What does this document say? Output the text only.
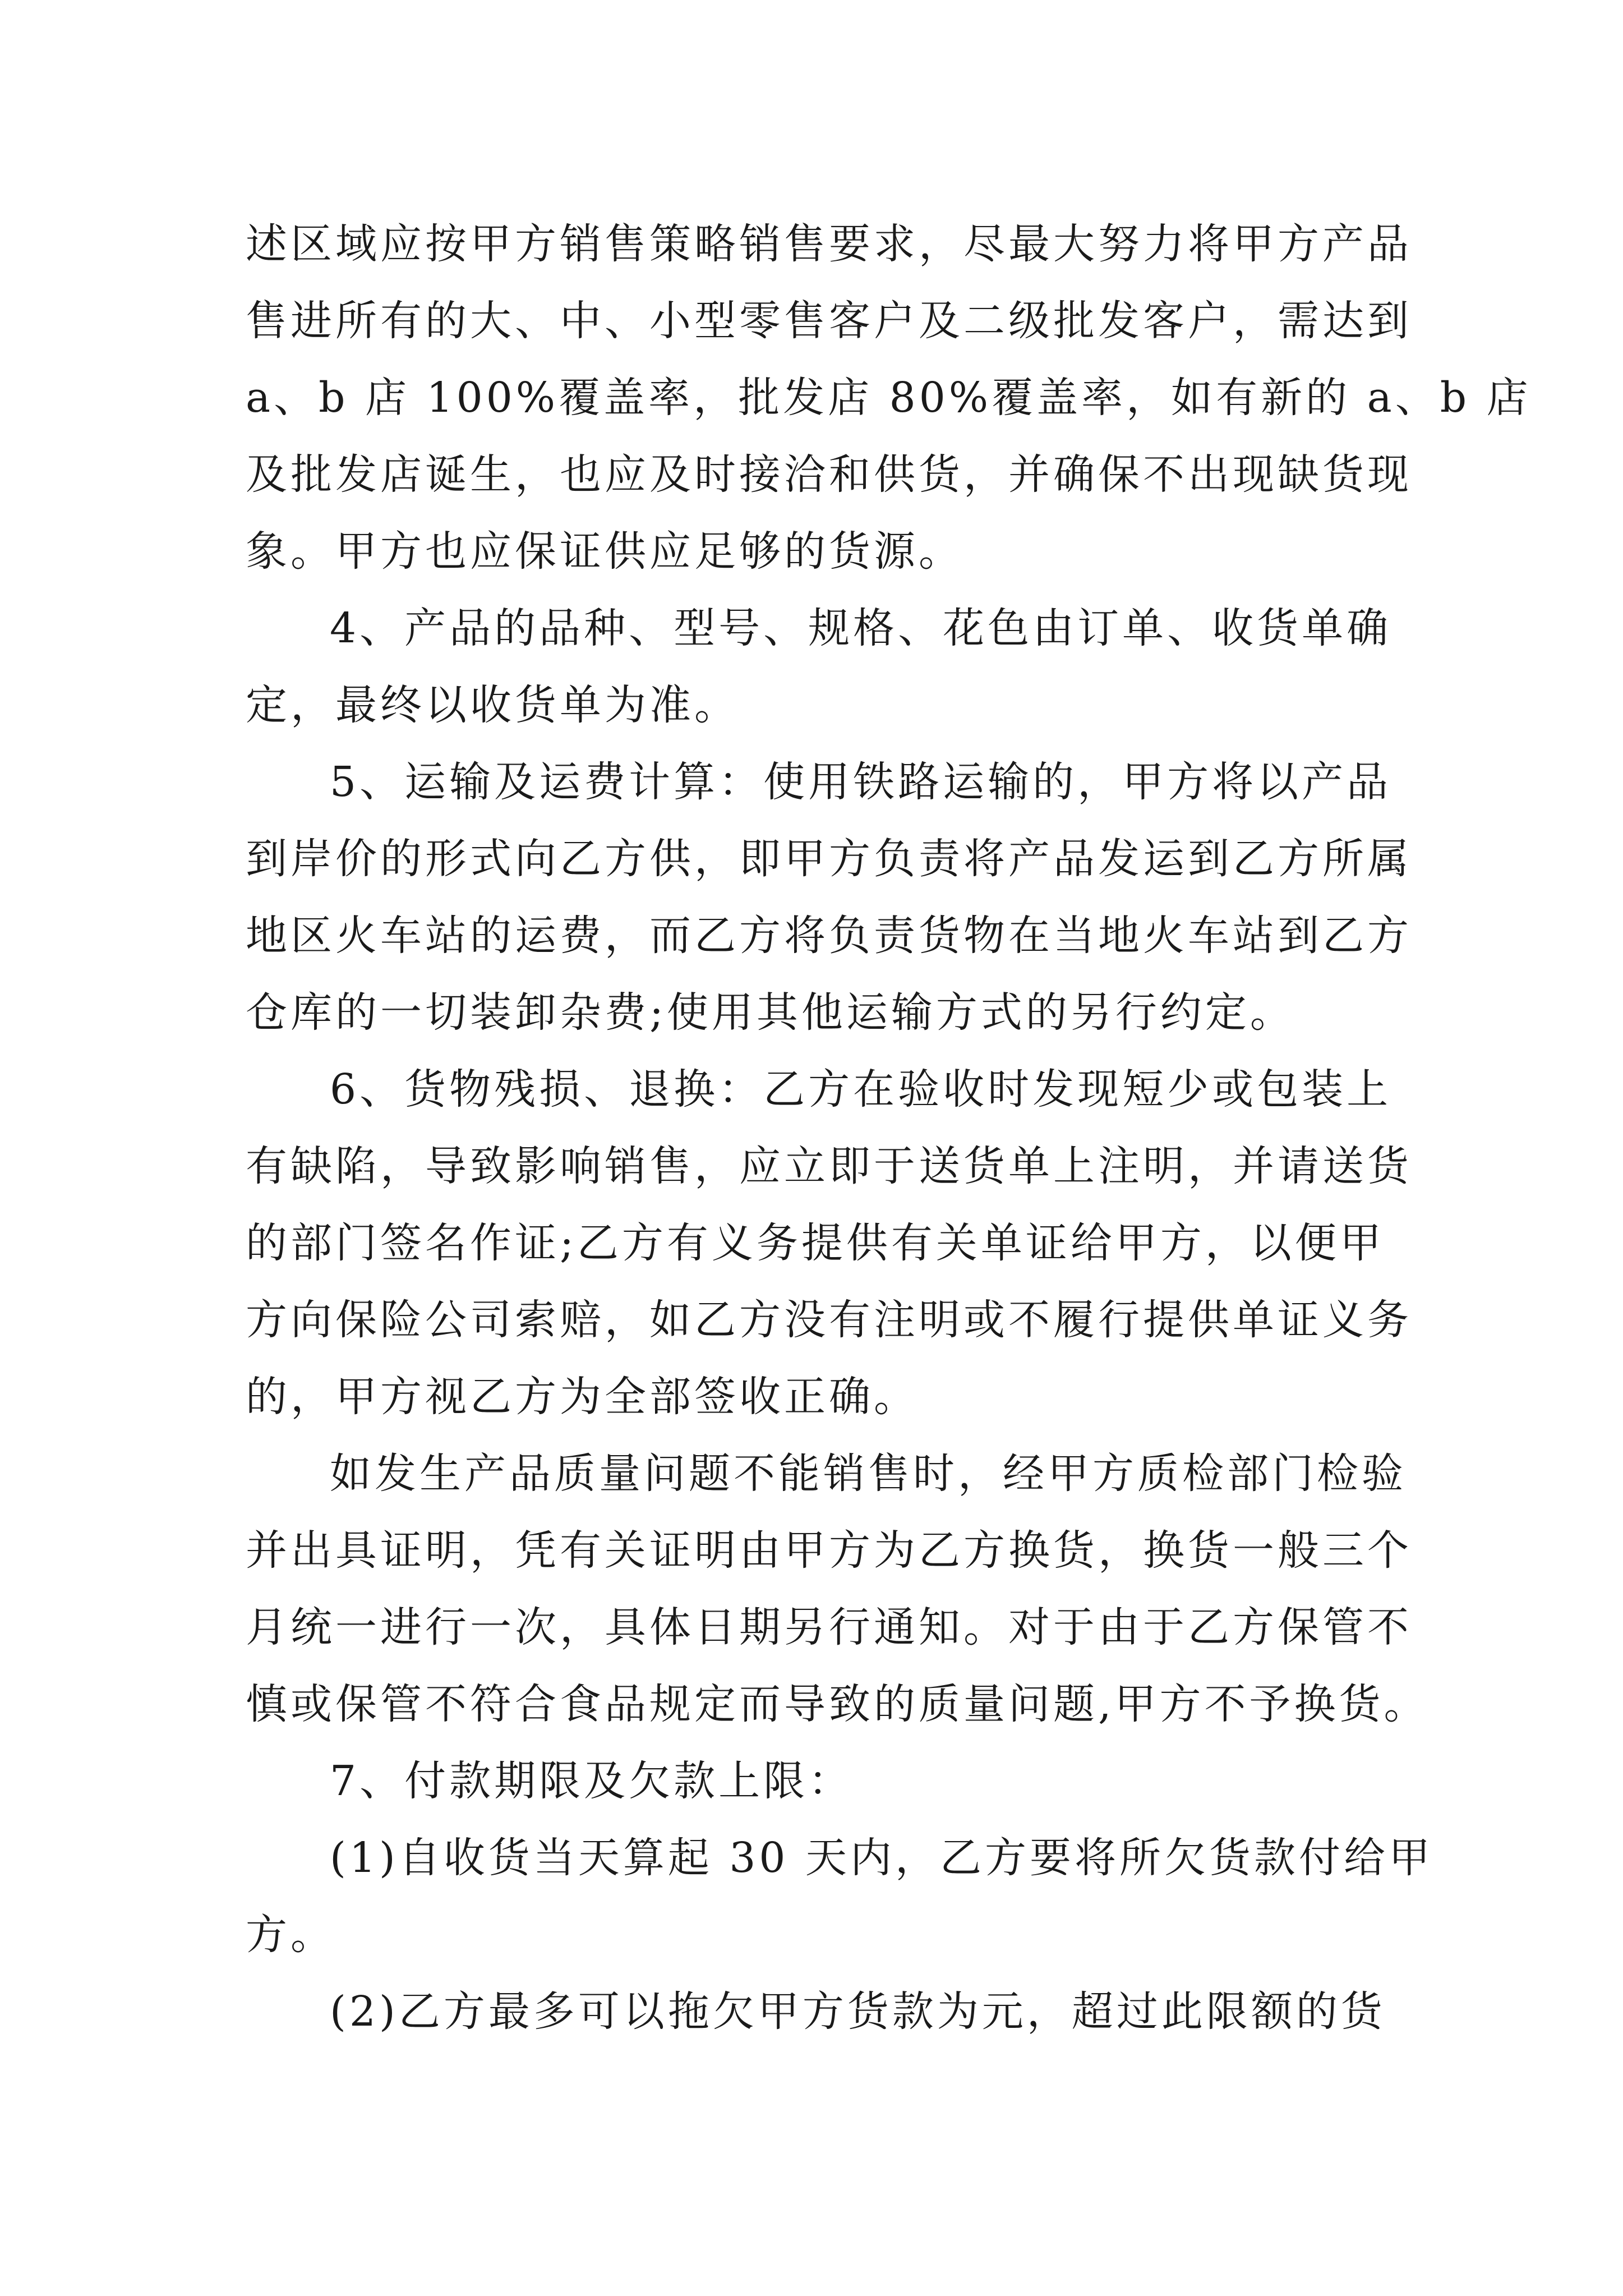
述区域应按甲方销售策略销售要求，尽最大努力将甲方产品
售进所有的大、中、小型零售客户及二级批发客户，需达到
a、b 店 100%覆盖率，批发店 80%覆盖率，如有新的 a、b 店
及批发店诞生，也应及时接洽和供货，并确保不出现缺货现
象。甲方也应保证供应足够的货源。
4、产品的品种、型号、规格、花色由订单、收货单确
定，最终以收货单为准。
5、运输及运费计算：使用铁路运输的，甲方将以产品
到岸价的形式向乙方供，即甲方负责将产品发运到乙方所属
地区火车站的运费，而乙方将负责货物在当地火车站到乙方
仓库的一切装卸杂费;使用其他运输方式的另行约定。
6、货物残损、退换：乙方在验收时发现短少或包装上
有缺陷，导致影响销售，应立即于送货单上注明，并请送货
的部门签名作证;乙方有义务提供有关单证给甲方，以便甲
方向保险公司索赔，如乙方没有注明或不履行提供单证义务
的，甲方视乙方为全部签收正确。
如发生产品质量问题不能销售时，经甲方质检部门检验
并出具证明，凭有关证明由甲方为乙方换货，换货一般三个
月统一进行一次，具体日期另行通知。对于由于乙方保管不
慎或保管不符合食品规定而导致的质量问题,甲方不予换货。
7、付款期限及欠款上限：
(1)自收货当天算起 30 天内，乙方要将所欠货款付给甲
方。
(2)乙方最多可以拖欠甲方货款为元，超过此限额的货
